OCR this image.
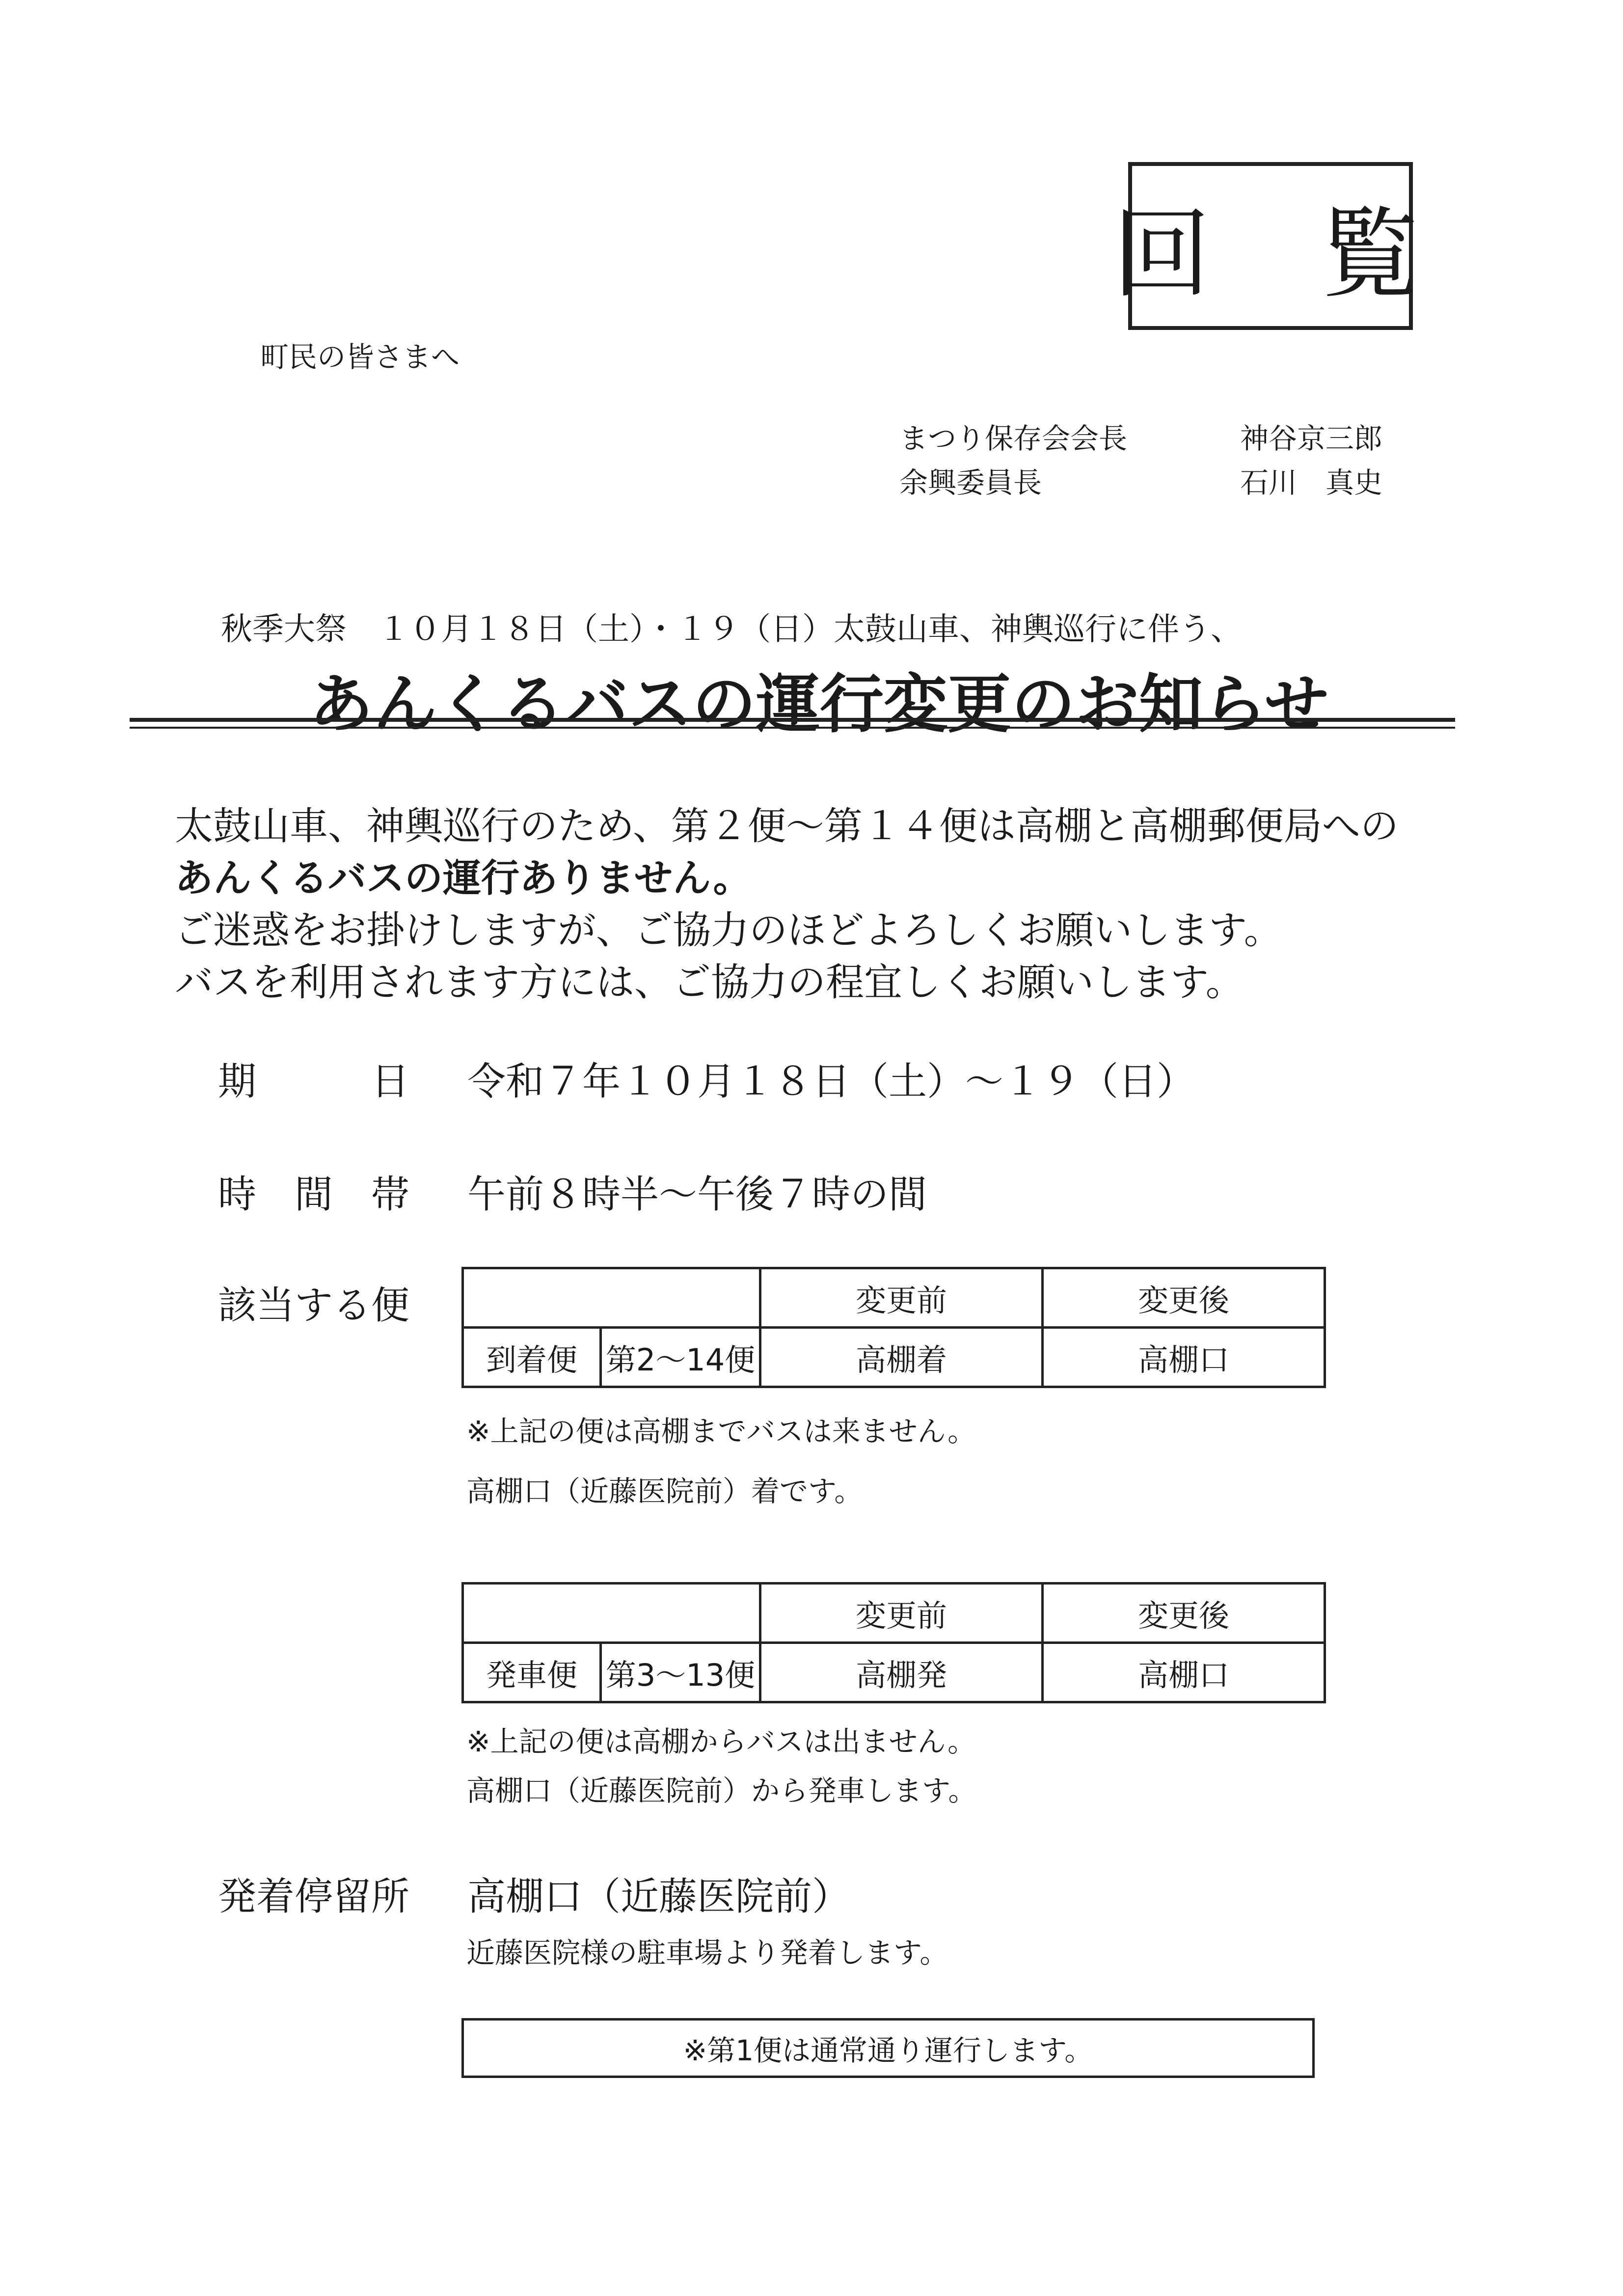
回 覧
町民の皆さまへ
まつり保存会会長	神谷京三郎
余興委員長	石川　真史
秋季大祭　１０月１８日（土）・１９（日）太鼓山車、神輿巡行に伴う、
あんくるバスの運行変更のお知らせ
太鼓山車、神輿巡行のため、第２便～第１４便は高棚と高棚郵便局への
あんくるバスの運行ありません。
ご迷惑をお掛けしますが、ご協力のほどよろしくお願いします。
バスを利用されます方には、ご協力の程宜しくお願いします。
期　　　日 令和７年１０月１８日（土）～１９（日）
時　間　帯 午前８時半～午後７時の間
該当する便
		変更前	変更後
到着便	第2～14便	高棚着	高棚口
※上記の便は高棚までバスは来ません。
高棚口（近藤医院前）着です。
		変更前	変更後
発車便	第3～13便	高棚発	高棚口
※上記の便は高棚からバスは出ません。
高棚口（近藤医院前）から発車します。
発着停留所 高棚口（近藤医院前）
近藤医院様の駐車場より発着します。
※第1便は通常通り運行します。
